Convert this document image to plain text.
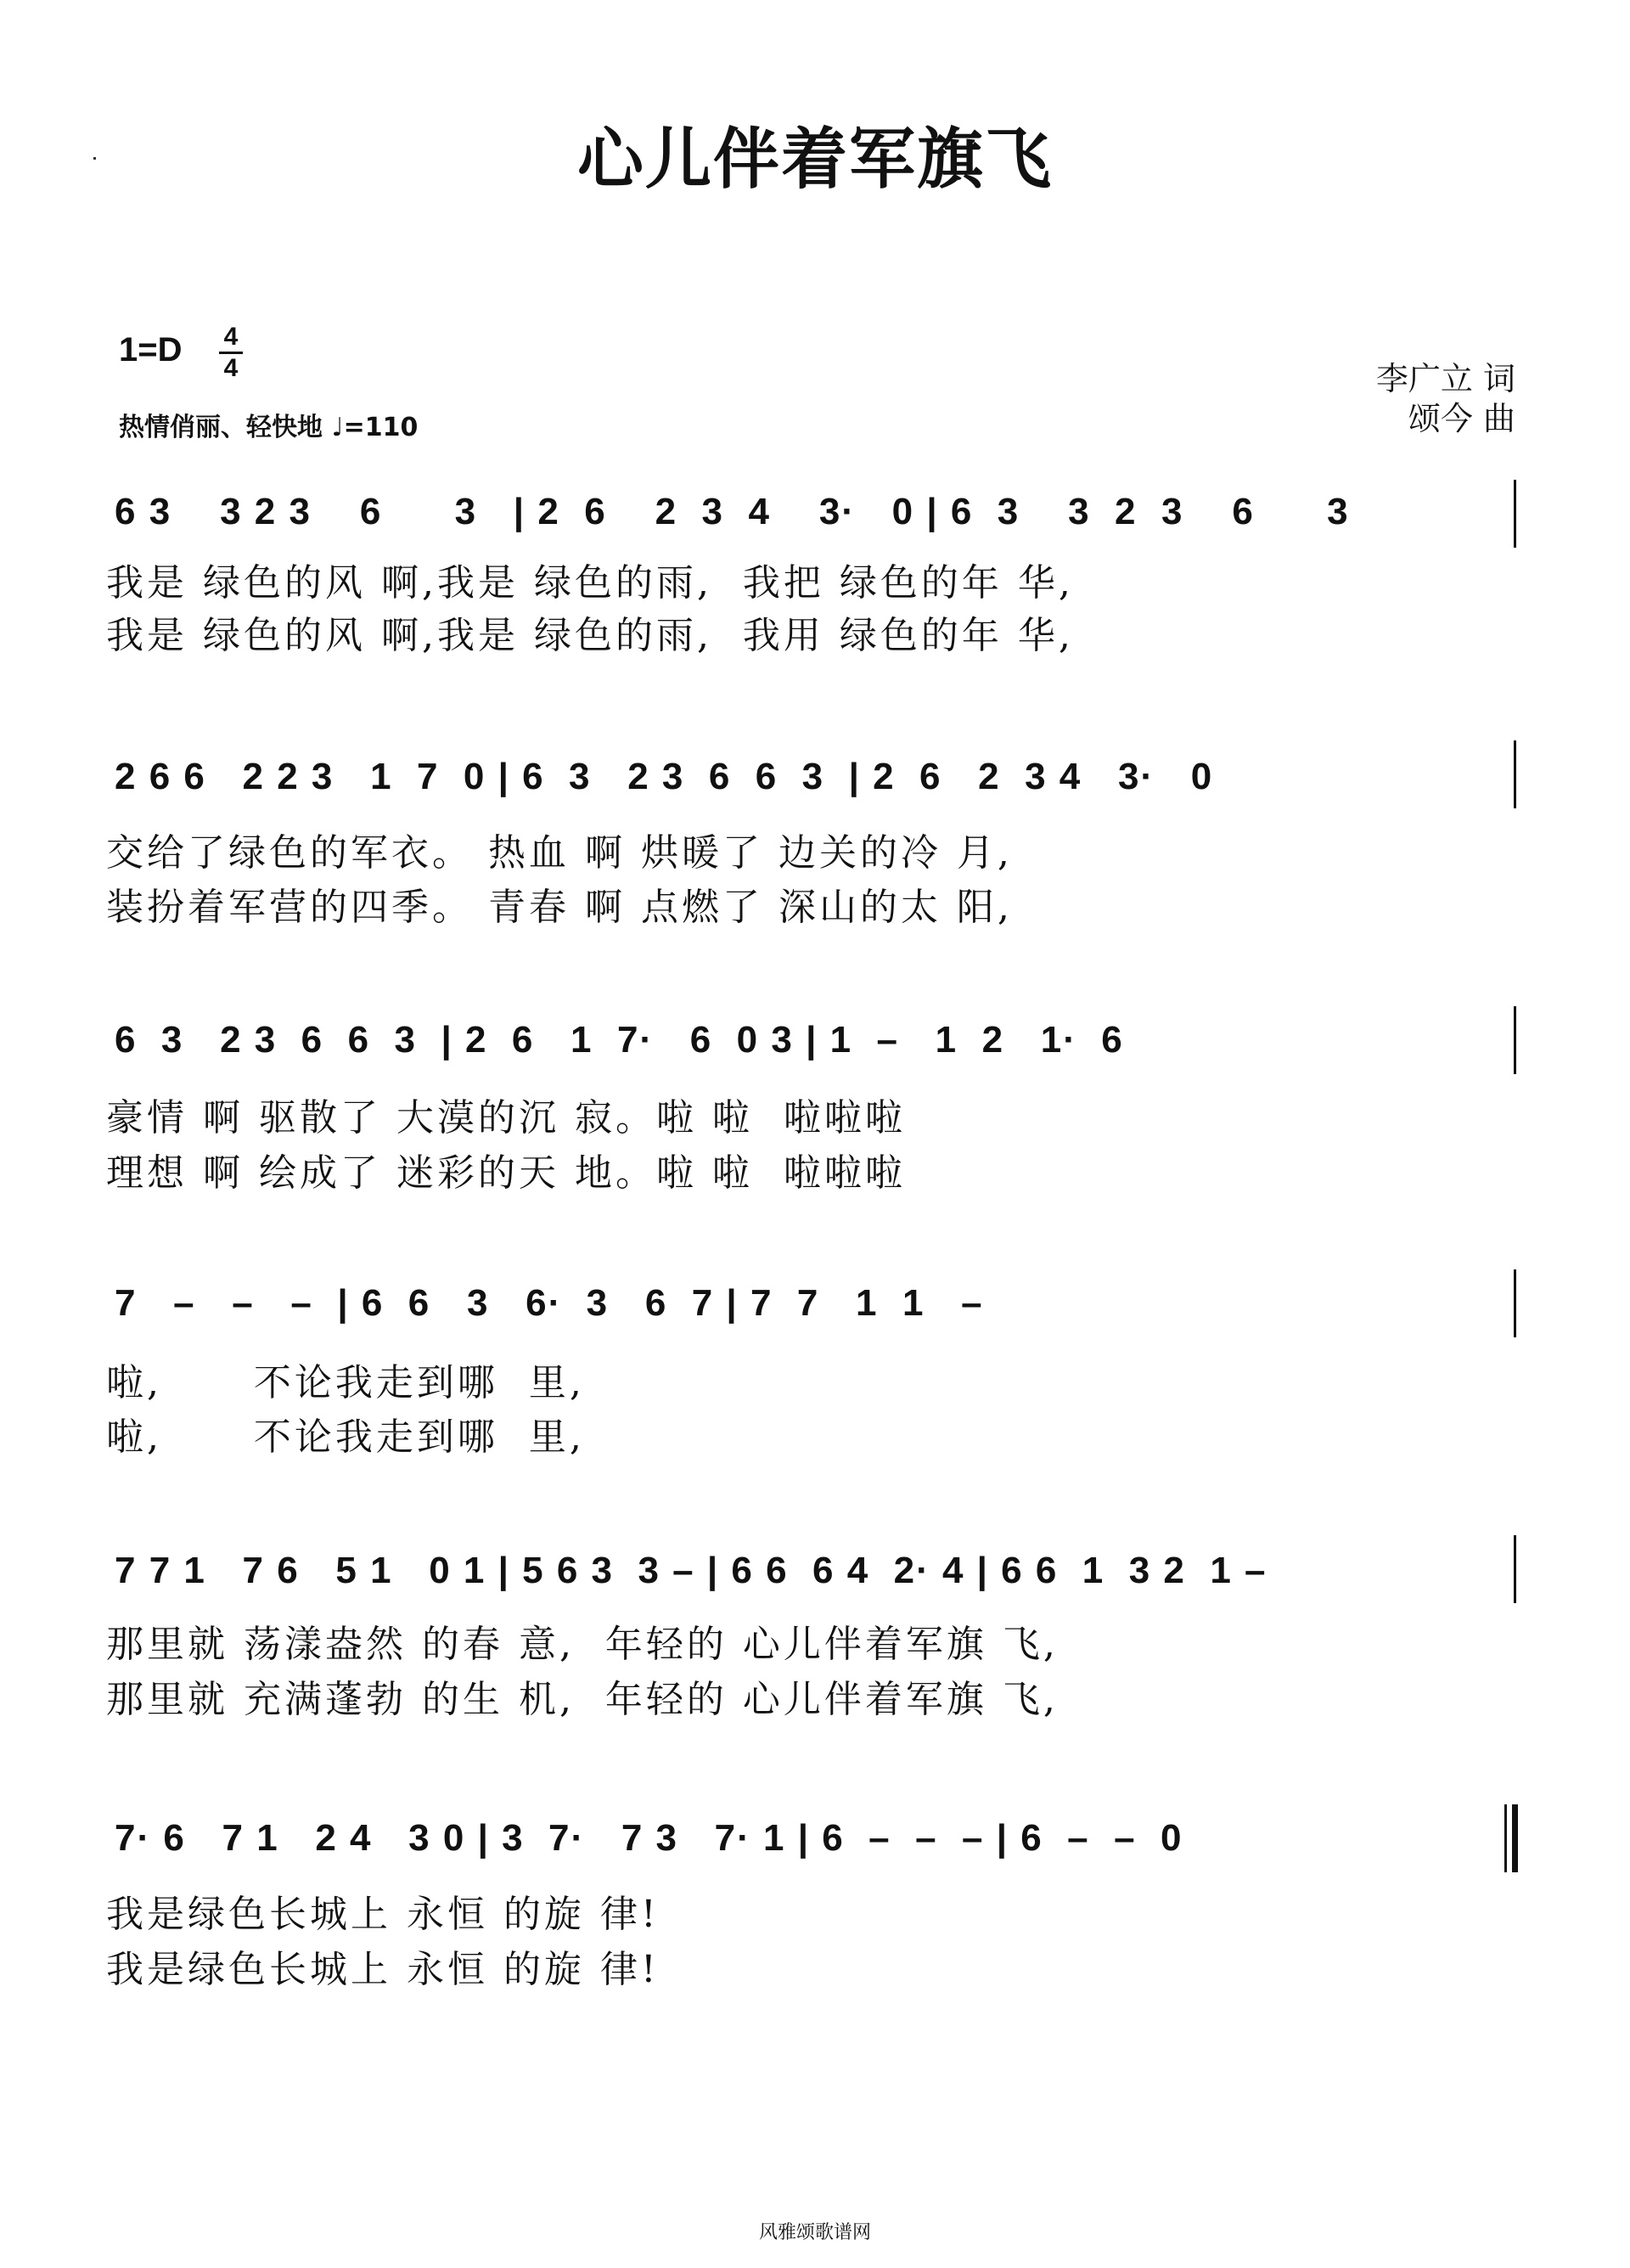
心儿伴着军旗飞
1=D	4
4
热情俏丽、轻快地 ♩=110
李广立 词
颂今 曲
6 3    3 2 3    6      3   | 2  6    2  3  4    3·   0 | 6  3    3  2  3    6      3
我是 绿色的风 啊,我是 绿色的雨,  我把 绿色的年 华,
我是 绿色的风 啊,我是 绿色的雨,  我用 绿色的年 华,
2 6 6   2 2 3   1  7  0 | 6  3   2 3  6  6  3  | 2  6   2  3 4   3·   0
交给了绿色的军衣。 热血 啊 烘暖了 边关的冷 月,
装扮着军营的四季。 青春 啊 点燃了 深山的太 阳,
6  3   2 3  6  6  3  | 2  6   1  7·   6  0 3 | 1  –   1  2   1·  6
豪情 啊 驱散了 大漠的沉 寂。啦 啦  啦啦啦
理想 啊 绘成了 迷彩的天 地。啦 啦  啦啦啦
7   –   –   –  | 6  6   3   6·  3   6  7 | 7  7   1  1   –
啦,      不论我走到哪  里,
啦,      不论我走到哪  里,
7 7 1   7 6   5 1   0 1 | 5 6 3  3 – | 6 6  6 4  2· 4 | 6 6  1  3 2  1 –
那里就 荡漾盎然 的春 意,  年轻的 心儿伴着军旗 飞,
那里就 充满蓬勃 的生 机,  年轻的 心儿伴着军旗 飞,
7· 6   7 1   2 4   3 0 | 3  7·   7 3   7· 1 | 6  –  –  – | 6  –  –  0
我是绿色长城上 永恒 的旋 律!
我是绿色长城上 永恒 的旋 律!
风雅颂歌谱网
